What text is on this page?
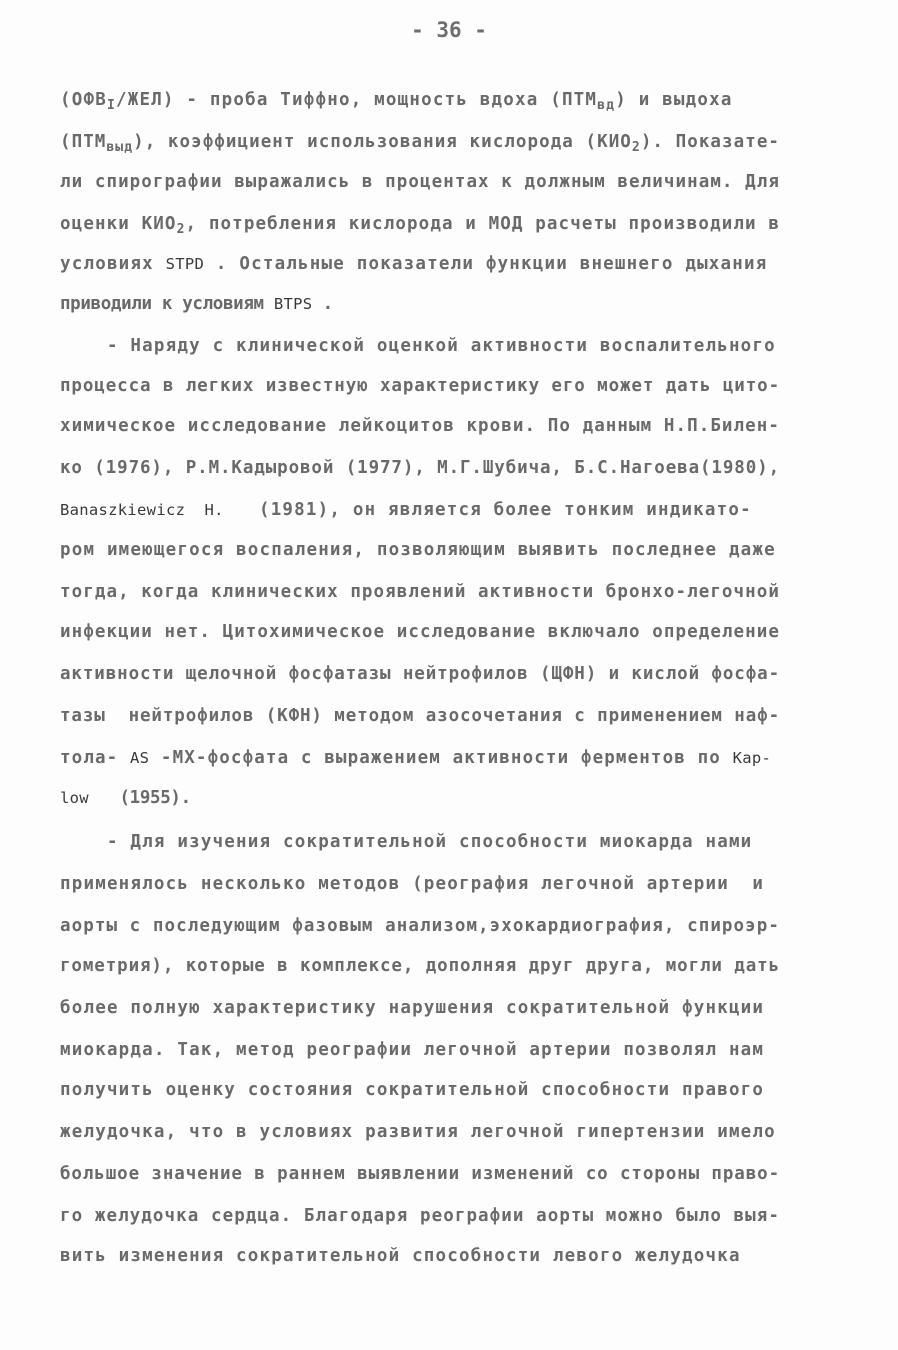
- 36 -
$(ОФВ_I/ЖЕЛ)$ - проба Тиффно, мощность вдоха $(ПТМ_{вд})$ и выдоха
$(ПТМ_{выд})$, коэффициент использования кислорода $(КИО_2)$. Показате-
ли спирографии выражались в процентах к должным величинам. Для
оценки $КИО_2$, потребления кислорода и МОД расчеты производили в
условиях STPD . Остальные показатели функции внешнего дыхания
приводили к условиям BTPS .
- Наряду с клинической оценкой активности воспалительного
процесса в легких известную характеристику его может дать цито-
химическое исследование лейкоцитов крови. По данным Н.П.Билен-
ко (1976), Р.М.Кадыровой (1977), М.Г.Шубича, Б.С.Нагоева(1980),
Banaszkiewicz  H.   (1981), он является более тонким индикато-
ром имеющегося воспаления, позволяющим выявить последнее даже
тогда, когда клинических проявлений активности бронхо-легочной
инфекции нет. Цитохимическое исследование включало определение
активности щелочной фосфатазы нейтрофилов (ЩФН) и кислой фосфа-
тазы  нейтрофилов (КФН) методом азосочетания с применением наф-
тола- AS -МХ-фосфата с выражением активности ферментов по Kap-
low   (1955).
- Для изучения сократительной способности миокарда нами
применялось несколько методов (реография легочной артерии  и
аорты с последующим фазовым анализом,эхокардиография, спироэр-
гометрия), которые в комплексе, дополняя друг друга, могли дать
более полную характеристику нарушения сократительной функции
миокарда. Так, метод реографии легочной артерии позволял нам
получить оценку состояния сократительной способности правого
желудочка, что в условиях развития легочной гипертензии имело
большое значение в раннем выявлении изменений со стороны право-
го желудочка сердца. Благодаря реографии аорты можно было выя-
вить изменения сократительной способности левого желудочка
